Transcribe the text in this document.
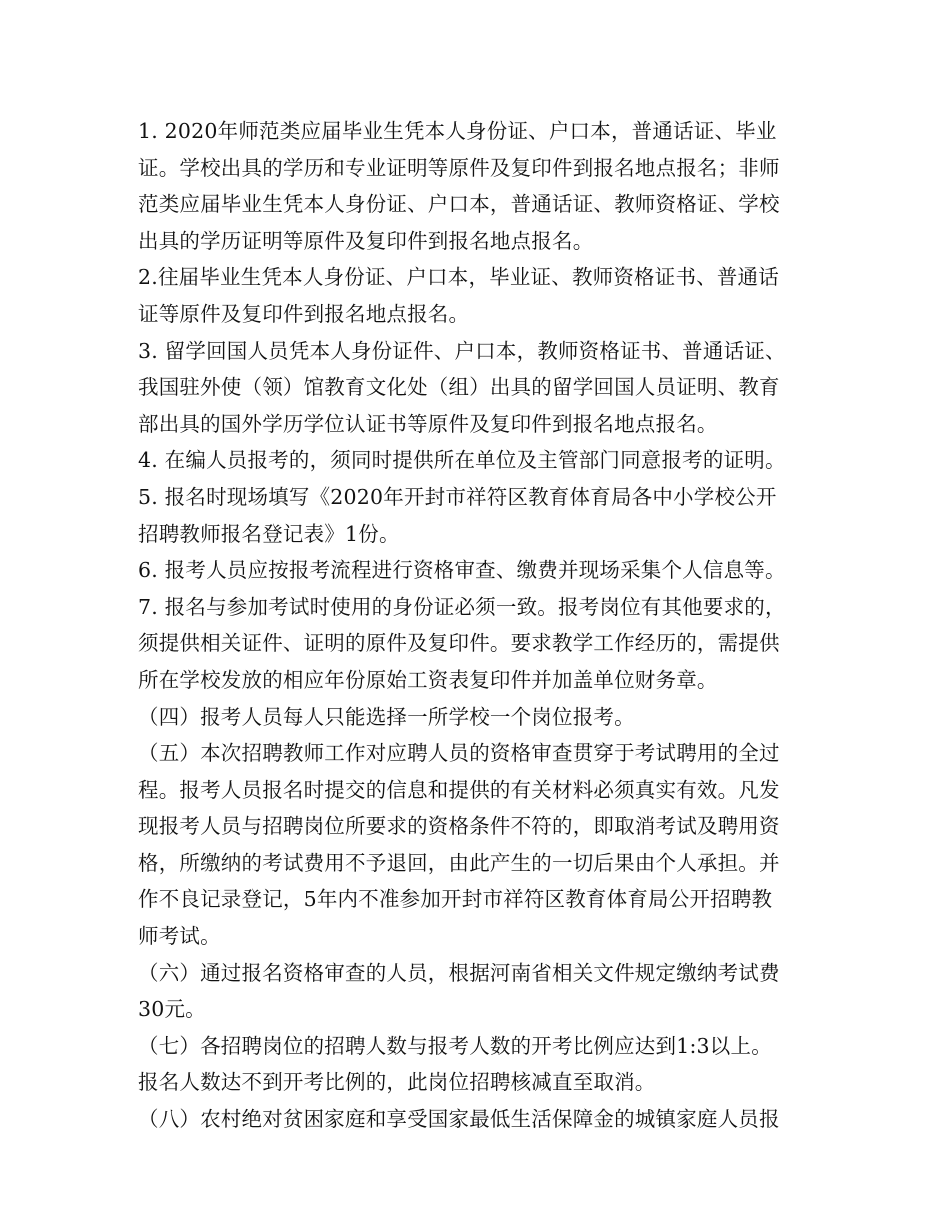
1. 2020年师范类应届毕业生凭本人身份证、户口本，普通话证、毕业
证。学校出具的学历和专业证明等原件及复印件到报名地点报名；非师
范类应届毕业生凭本人身份证、户口本，普通话证、教师资格证、学校
出具的学历证明等原件及复印件到报名地点报名。
2.往届毕业生凭本人身份证、户口本，毕业证、教师资格证书、普通话
证等原件及复印件到报名地点报名。
3. 留学回国人员凭本人身份证件、户口本，教师资格证书、普通话证、
我国驻外使（领）馆教育文化处（组）出具的留学回国人员证明、教育
部出具的国外学历学位认证书等原件及复印件到报名地点报名。
4. 在编人员报考的，须同时提供所在单位及主管部门同意报考的证明。
5. 报名时现场填写《2020年开封市祥符区教育体育局各中小学校公开
招聘教师报名登记表》1份。
6. 报考人员应按报考流程进行资格审查、缴费并现场采集个人信息等。
7. 报名与参加考试时使用的身份证必须一致。报考岗位有其他要求的，
须提供相关证件、证明的原件及复印件。要求教学工作经历的，需提供
所在学校发放的相应年份原始工资表复印件并加盖单位财务章。
（四）报考人员每人只能选择一所学校一个岗位报考。
（五）本次招聘教师工作对应聘人员的资格审查贯穿于考试聘用的全过
程。报考人员报名时提交的信息和提供的有关材料必须真实有效。凡发
现报考人员与招聘岗位所要求的资格条件不符的，即取消考试及聘用资
格，所缴纳的考试费用不予退回，由此产生的一切后果由个人承担。并
作不良记录登记，5年内不准参加开封市祥符区教育体育局公开招聘教
师考试。
（六）通过报名资格审查的人员，根据河南省相关文件规定缴纳考试费
30元。
（七）各招聘岗位的招聘人数与报考人数的开考比例应达到1:3以上。
报名人数达不到开考比例的，此岗位招聘核减直至取消。
（八）农村绝对贫困家庭和享受国家最低生活保障金的城镇家庭人员报
